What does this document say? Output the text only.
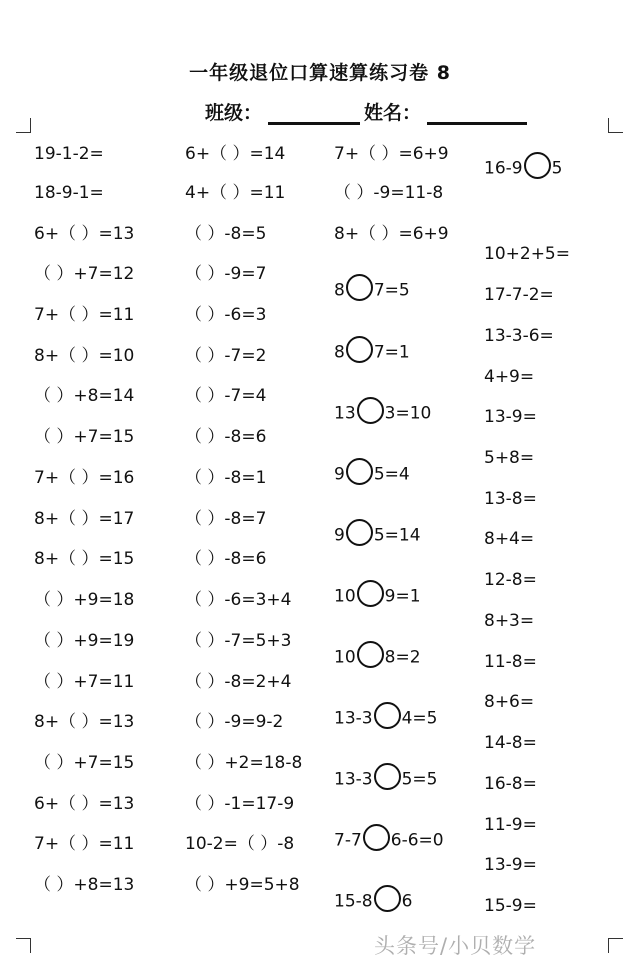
一年级退位口算速算练习卷 8
班级：	姓名：
19-1-2=
18-9-1=
6+（ ）=13
（ ）+7=12
7+（ ）=11
8+（ ）=10
（ ）+8=14
（ ）+7=15
7+（ ）=16
8+（ ）=17
8+（ ）=15
（ ）+9=18
（ ）+9=19
（ ）+7=11
8+（ ）=13
（ ）+7=15
6+（ ）=13
7+（ ）=11
（ ）+8=13
6+（ ）=14
4+（ ）=11
（ ）-8=5
（ ）-9=7
（ ）-6=3
（ ）-7=2
（ ）-7=4
（ ）-8=6
（ ）-8=1
（ ）-8=7
（ ）-8=6
（ ）-6=3+4
（ ）-7=5+3
（ ）-8=2+4
（ ）-9=9-2
（ ）+2=18-8
（ ）-1=17-9
10-2=（ ）-8
（ ）+9=5+8
7+（ ）=6+9
（ ）-9=11-8
8+（ ）=6+9
8 7=5
8 7=1
13 3=10
9 5=4
9 5=14
10 9=1
10 8=2
13-3 4=5
13-3 5=5
7-7 6-6=0
15-8 6
16-9 5
10+2+5=
17-7-2=
13-3-6=
4+9=
13-9=
5+8=
13-8=
8+4=
12-8=
8+3=
11-8=
8+6=
14-8=
16-8=
11-9=
13-9=
15-9=
头条号/小贝数学
